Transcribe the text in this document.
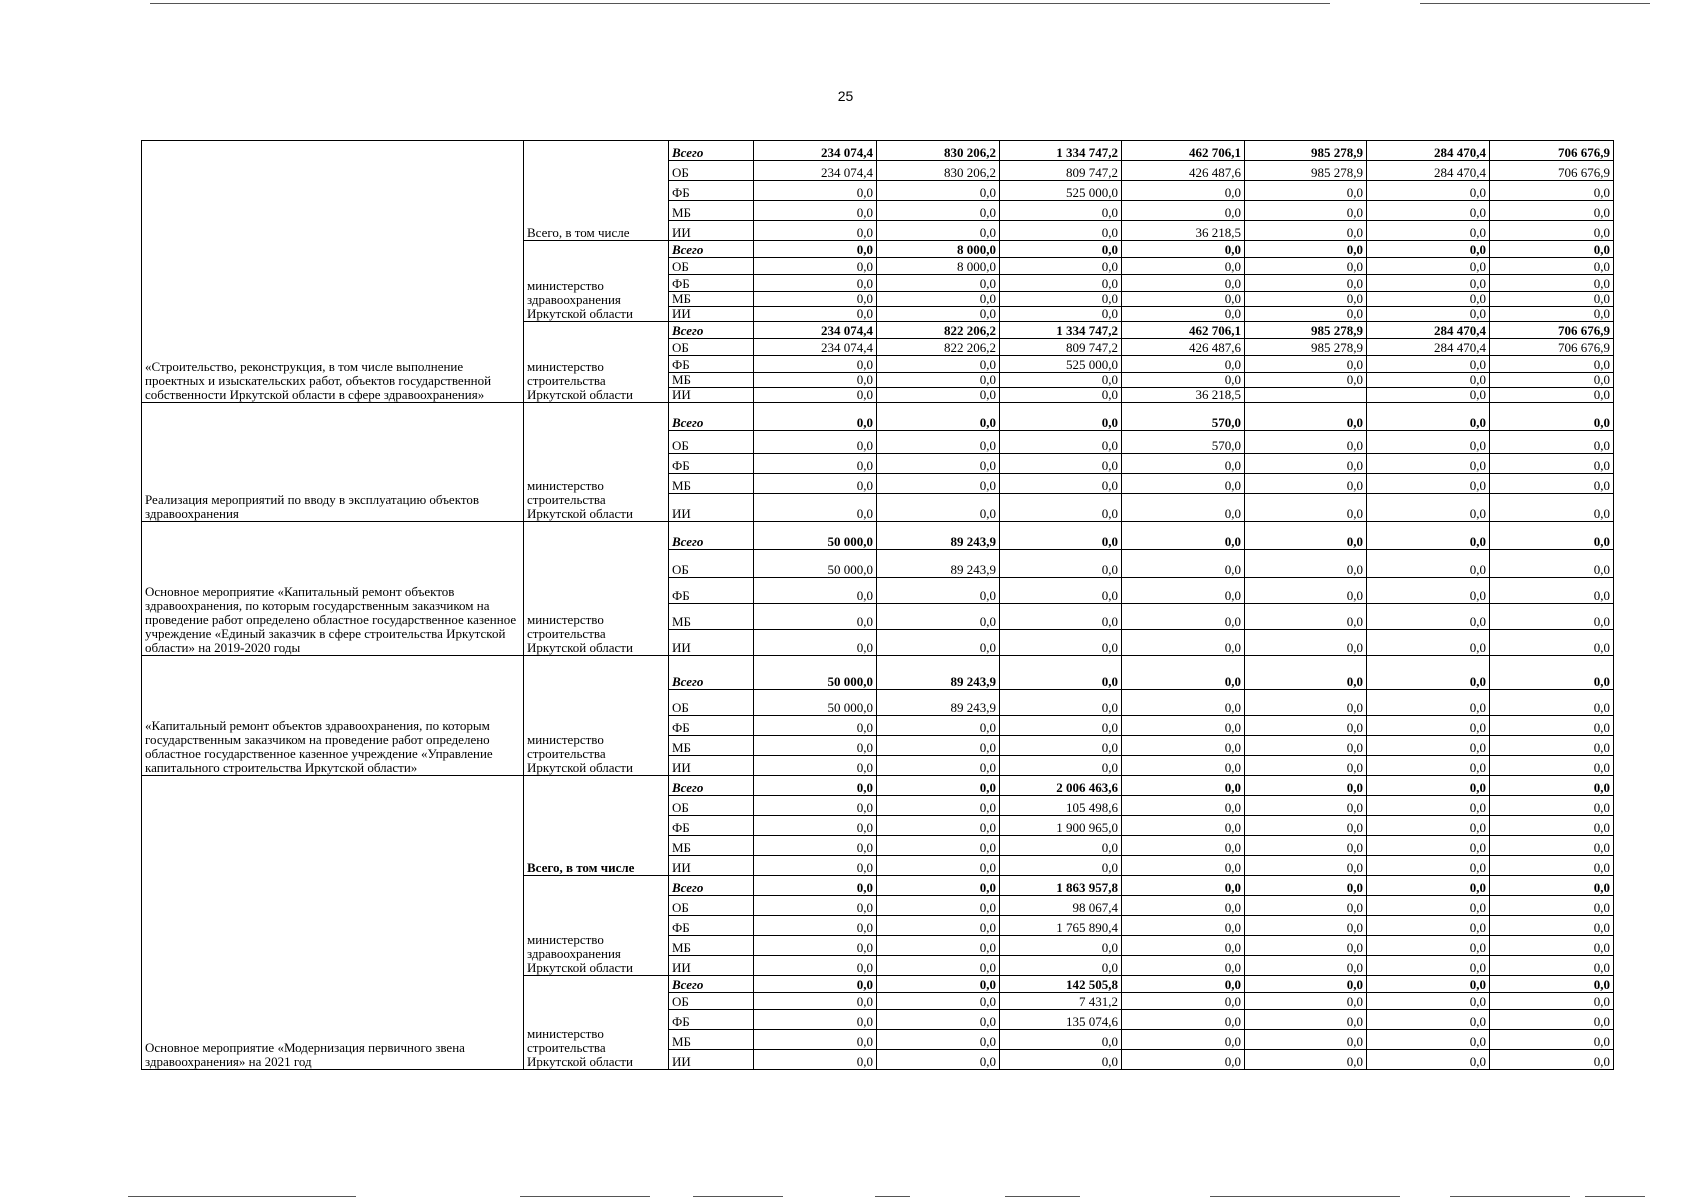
25
«Строительство, реконструкция, в том числе выполнение проектных и изыскательских работ, объектов государственной собственности Иркутской области в сфере здравоохранения»	Всего, в том числе	Всего	234 074,4	830 206,2	1 334 747,2	462 706,1	985 278,9	284 470,4	706 676,9
		ОБ	234 074,4	830 206,2	809 747,2	426 487,6	985 278,9	284 470,4	706 676,9
		ФБ	0,0	0,0	525 000,0	0,0	0,0	0,0	0,0
		МБ	0,0	0,0	0,0	0,0	0,0	0,0	0,0
		ИИ	0,0	0,0	0,0	36 218,5	0,0	0,0	0,0
	министерство здравоохранения Иркутской области	Всего	0,0	8 000,0	0,0	0,0	0,0	0,0	0,0
		ОБ	0,0	8 000,0	0,0	0,0	0,0	0,0	0,0
		ФБ	0,0	0,0	0,0	0,0	0,0	0,0	0,0
		МБ	0,0	0,0	0,0	0,0	0,0	0,0	0,0
		ИИ	0,0	0,0	0,0	0,0	0,0	0,0	0,0
	министерство строительства Иркутской области	Всего	234 074,4	822 206,2	1 334 747,2	462 706,1	985 278,9	284 470,4	706 676,9
		ОБ	234 074,4	822 206,2	809 747,2	426 487,6	985 278,9	284 470,4	706 676,9
		ФБ	0,0	0,0	525 000,0	0,0	0,0	0,0	0,0
		МБ	0,0	0,0	0,0	0,0	0,0	0,0	0,0
		ИИ	0,0	0,0	0,0	36 218,5		0,0	0,0
Реализация мероприятий по вводу в эксплуатацию объектов здравоохранения	министерство строительства Иркутской области	Всего	0,0	0,0	0,0	570,0	0,0	0,0	0,0
		ОБ	0,0	0,0	0,0	570,0	0,0	0,0	0,0
		ФБ	0,0	0,0	0,0	0,0	0,0	0,0	0,0
		МБ	0,0	0,0	0,0	0,0	0,0	0,0	0,0
		ИИ	0,0	0,0	0,0	0,0	0,0	0,0	0,0
Основное мероприятие «Капитальный ремонт объектов здравоохранения, по которым государственным заказчиком на проведение работ определено областное государственное казенное учреждение «Единый заказчик в сфере строительства Иркутской области» на 2019-2020 годы	министерство строительства Иркутской области	Всего	50 000,0	89 243,9	0,0	0,0	0,0	0,0	0,0
		ОБ	50 000,0	89 243,9	0,0	0,0	0,0	0,0	0,0
		ФБ	0,0	0,0	0,0	0,0	0,0	0,0	0,0
		МБ	0,0	0,0	0,0	0,0	0,0	0,0	0,0
		ИИ	0,0	0,0	0,0	0,0	0,0	0,0	0,0
«Капитальный ремонт объектов здравоохранения, по которым государственным заказчиком на проведение работ определено областное государственное казенное учреждение «Управление капитального строительства Иркутской области»	министерство строительства Иркутской области	Всего	50 000,0	89 243,9	0,0	0,0	0,0	0,0	0,0
		ОБ	50 000,0	89 243,9	0,0	0,0	0,0	0,0	0,0
		ФБ	0,0	0,0	0,0	0,0	0,0	0,0	0,0
		МБ	0,0	0,0	0,0	0,0	0,0	0,0	0,0
		ИИ	0,0	0,0	0,0	0,0	0,0	0,0	0,0
Основное мероприятие «Модернизация первичного звена здравоохранения» на 2021 год	Всего, в том числе	Всего	0,0	0,0	2 006 463,6	0,0	0,0	0,0	0,0
		ОБ	0,0	0,0	105 498,6	0,0	0,0	0,0	0,0
		ФБ	0,0	0,0	1 900 965,0	0,0	0,0	0,0	0,0
		МБ	0,0	0,0	0,0	0,0	0,0	0,0	0,0
		ИИ	0,0	0,0	0,0	0,0	0,0	0,0	0,0
	министерство здравоохранения Иркутской области	Всего	0,0	0,0	1 863 957,8	0,0	0,0	0,0	0,0
		ОБ	0,0	0,0	98 067,4	0,0	0,0	0,0	0,0
		ФБ	0,0	0,0	1 765 890,4	0,0	0,0	0,0	0,0
		МБ	0,0	0,0	0,0	0,0	0,0	0,0	0,0
		ИИ	0,0	0,0	0,0	0,0	0,0	0,0	0,0
	министерство строительства Иркутской области	Всего	0,0	0,0	142 505,8	0,0	0,0	0,0	0,0
		ОБ	0,0	0,0	7 431,2	0,0	0,0	0,0	0,0
		ФБ	0,0	0,0	135 074,6	0,0	0,0	0,0	0,0
		МБ	0,0	0,0	0,0	0,0	0,0	0,0	0,0
		ИИ	0,0	0,0	0,0	0,0	0,0	0,0	0,0
